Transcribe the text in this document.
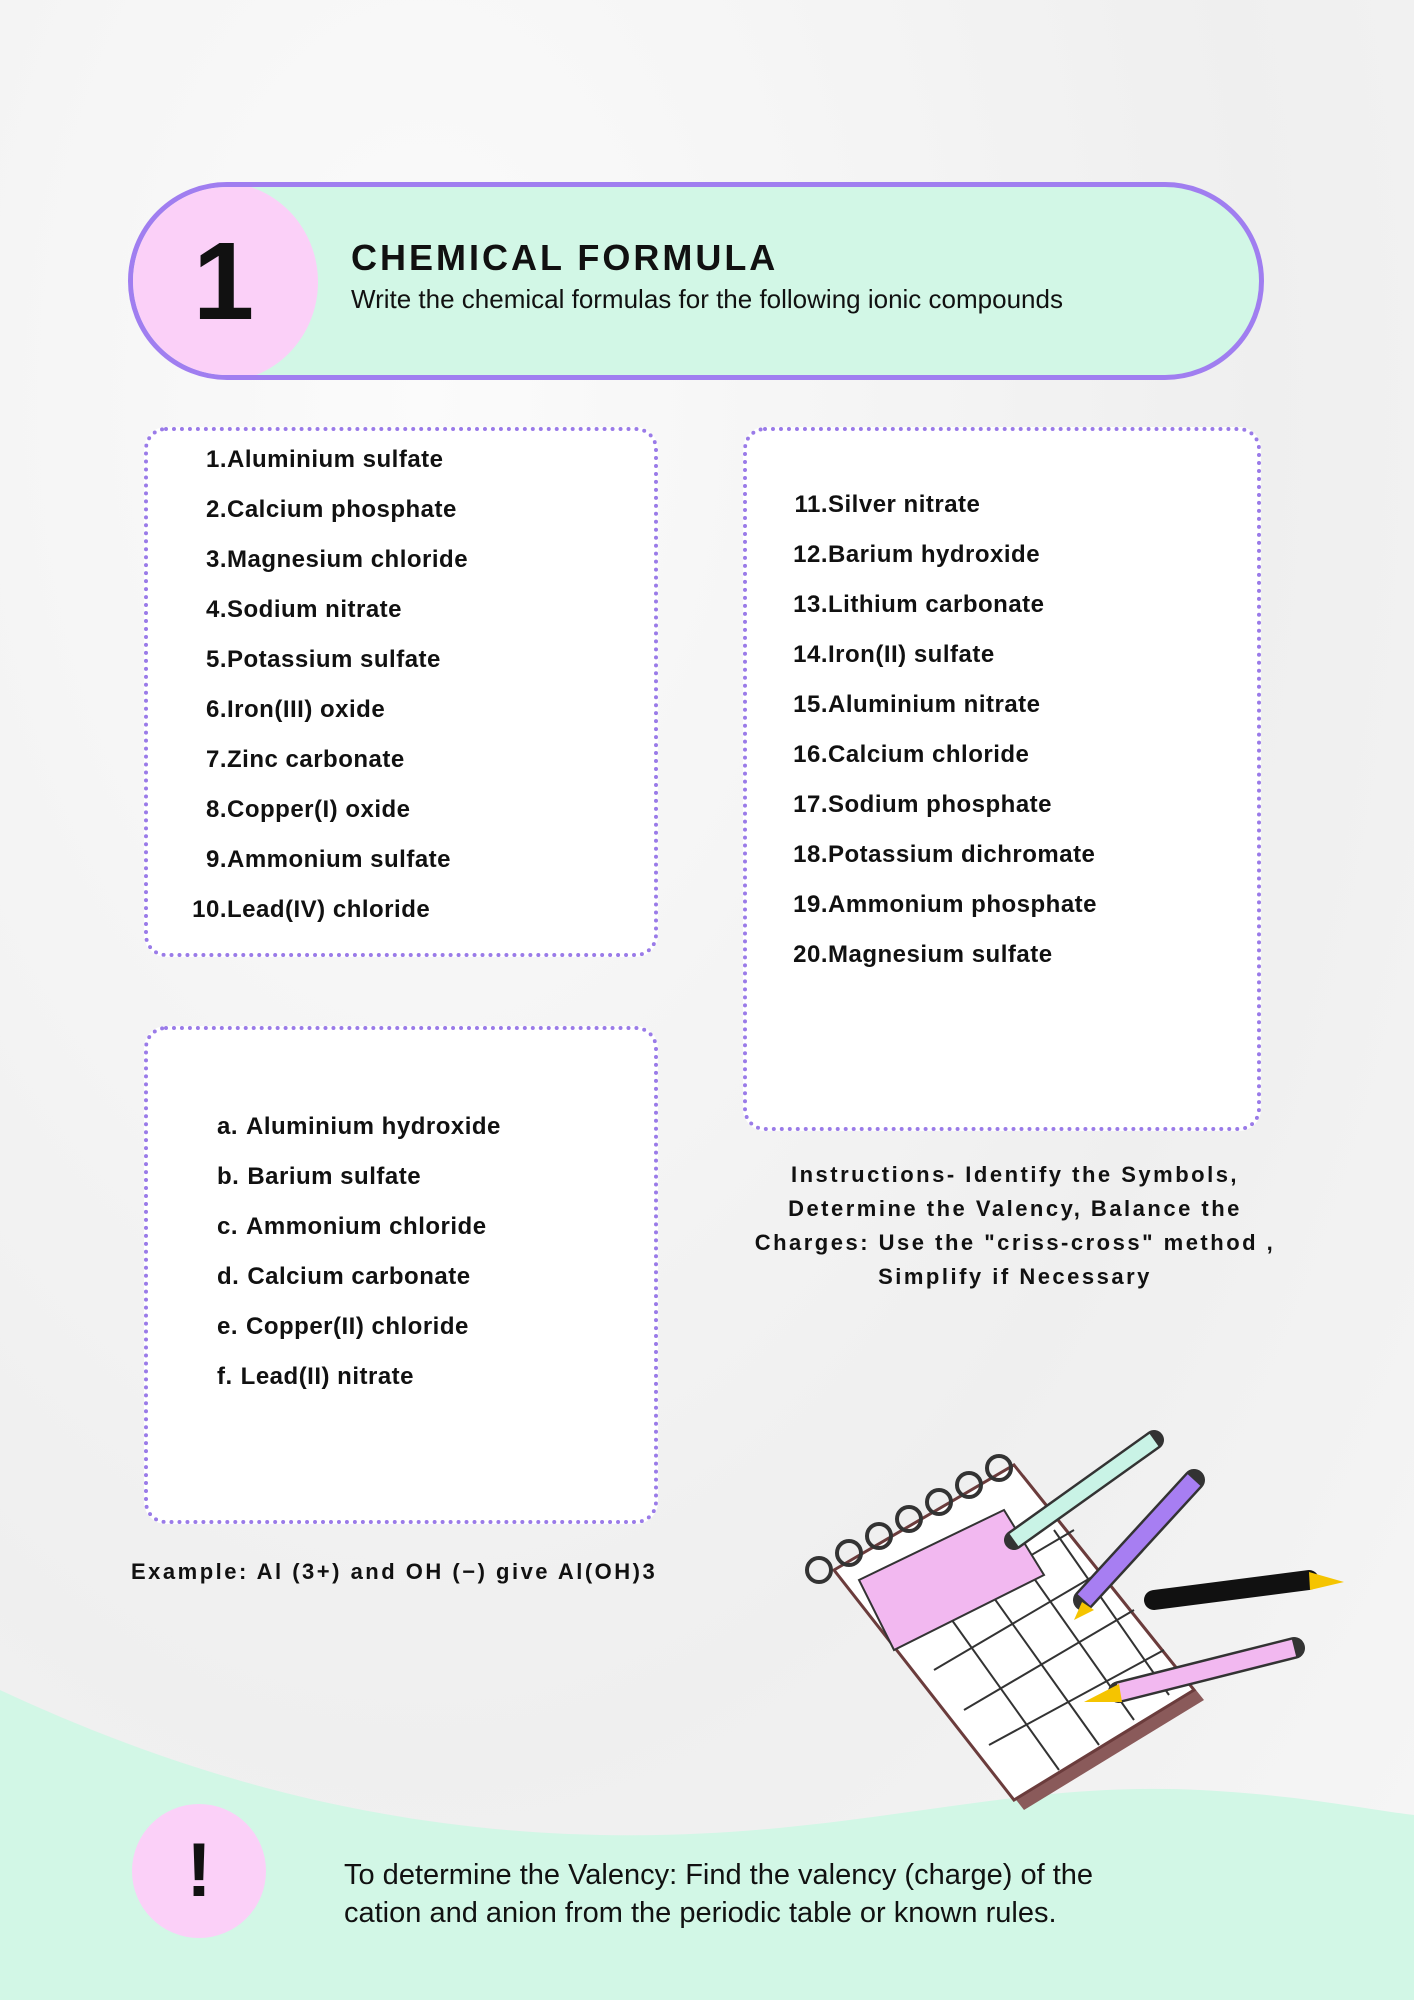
1	CHEMICAL FORMULA
Write the chemical formulas for the following ionic compounds
1.Aluminium sulfate
2.Calcium phosphate
3.Magnesium chloride
4.Sodium nitrate
5.Potassium sulfate
6.Iron(III) oxide
7.Zinc carbonate
8.Copper(I) oxide
9.Ammonium sulfate
10.Lead(IV) chloride
11.Silver nitrate
12.Barium hydroxide
13.Lithium carbonate
14.Iron(II) sulfate
15.Aluminium nitrate
16.Calcium chloride
17.Sodium phosphate
18.Potassium dichromate
19.Ammonium phosphate
20.Magnesium sulfate
a. Aluminium hydroxide
b. Barium sulfate
c. Ammonium chloride
d. Calcium carbonate
e. Copper(II) chloride
f. Lead(II) nitrate
Instructions- Identify the Symbols, Determine the Valency, Balance the Charges: Use the "criss-cross" method , Simplify if Necessary
Example: Al (3+) and OH (−) give Al(OH)3
!	To determine the Valency: Find the valency (charge) of the
cation and anion from the periodic table or known rules.
